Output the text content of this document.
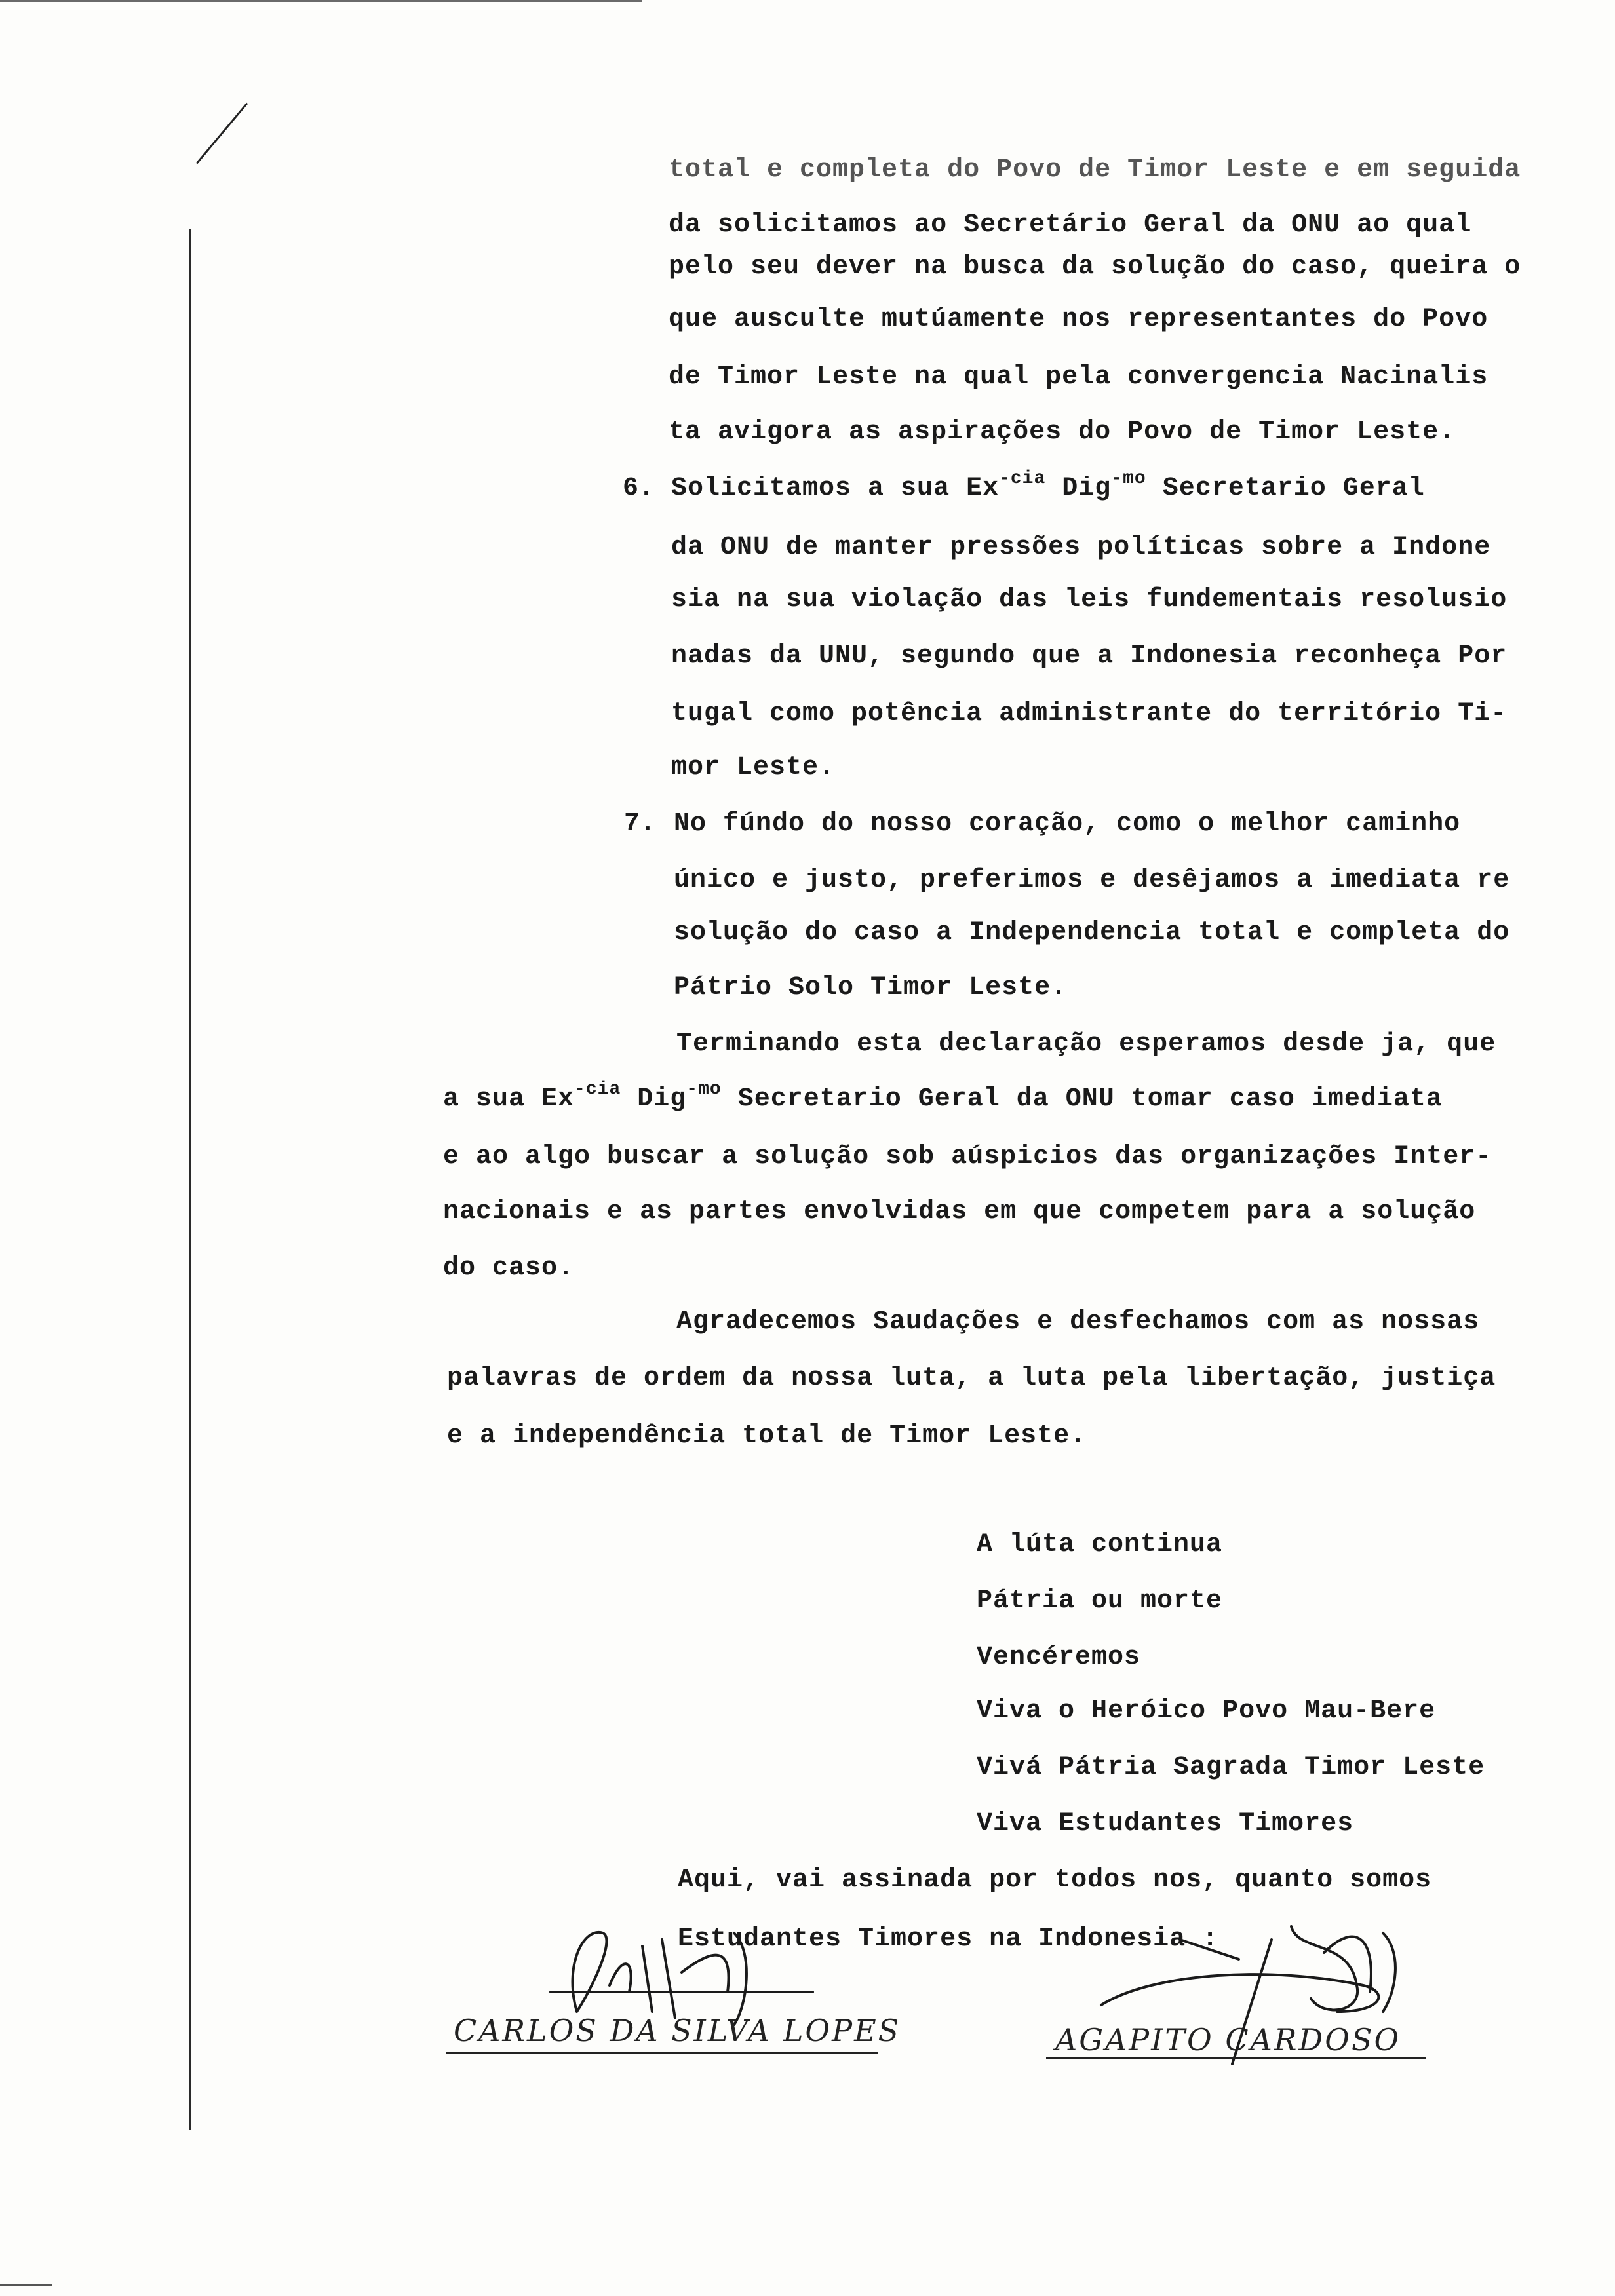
total e completa do Povo de Timor Leste e em seguida
da solicitamos ao Secretário Geral da ONU ao qual
pelo seu dever na busca da solução do caso, queira o
que ausculte mutúamente nos representantes do Povo
de Timor Leste na qual pela convergencia Nacinalis
ta avigora as aspirações do Povo de Timor Leste.
6. Solicitamos a sua $Ex^{-cia}$ Dig$^{-mo}$ Secretario Geral
da ONU de manter pressões políticas sobre a Indone
sia na sua violação das leis fundementais resolusio
nadas da UNU, segundo que a Indonesia reconheça Por
tugal como potência administrante do território Ti-
mor Leste.
7. No fúndo do nosso coração, como o melhor caminho
único e justo, preferimos e desêjamos a imediata re
solução do caso a Independencia total e completa do
Pátrio Solo Timor Leste.
Terminando esta declaração esperamos desde ja, que
a sua $Ex^{-cia}$ Dig$^{-mo}$ Secretario Geral da ONU tomar caso imediata
e ao algo buscar a solução sob aúspicios das organizações Inter-
nacionais e as partes envolvidas em que competem para a solução
do caso.
Agradecemos Saudações e desfechamos com as nossas
palavras de ordem da nossa luta, a luta pela libertação, justiça
e a independência total de Timor Leste.
A lúta continua
Pátria ou morte
Vencéremos
Viva o Heróico Povo Mau-Bere
Vivá Pátria Sagrada Timor Leste
Viva Estudantes Timores
Aqui, vai assinada por todos nos, quanto somos
Estudantes Timores na Indonesia :
CARLOS DA SILVA LOPES	AGAPITO CARDOSO
